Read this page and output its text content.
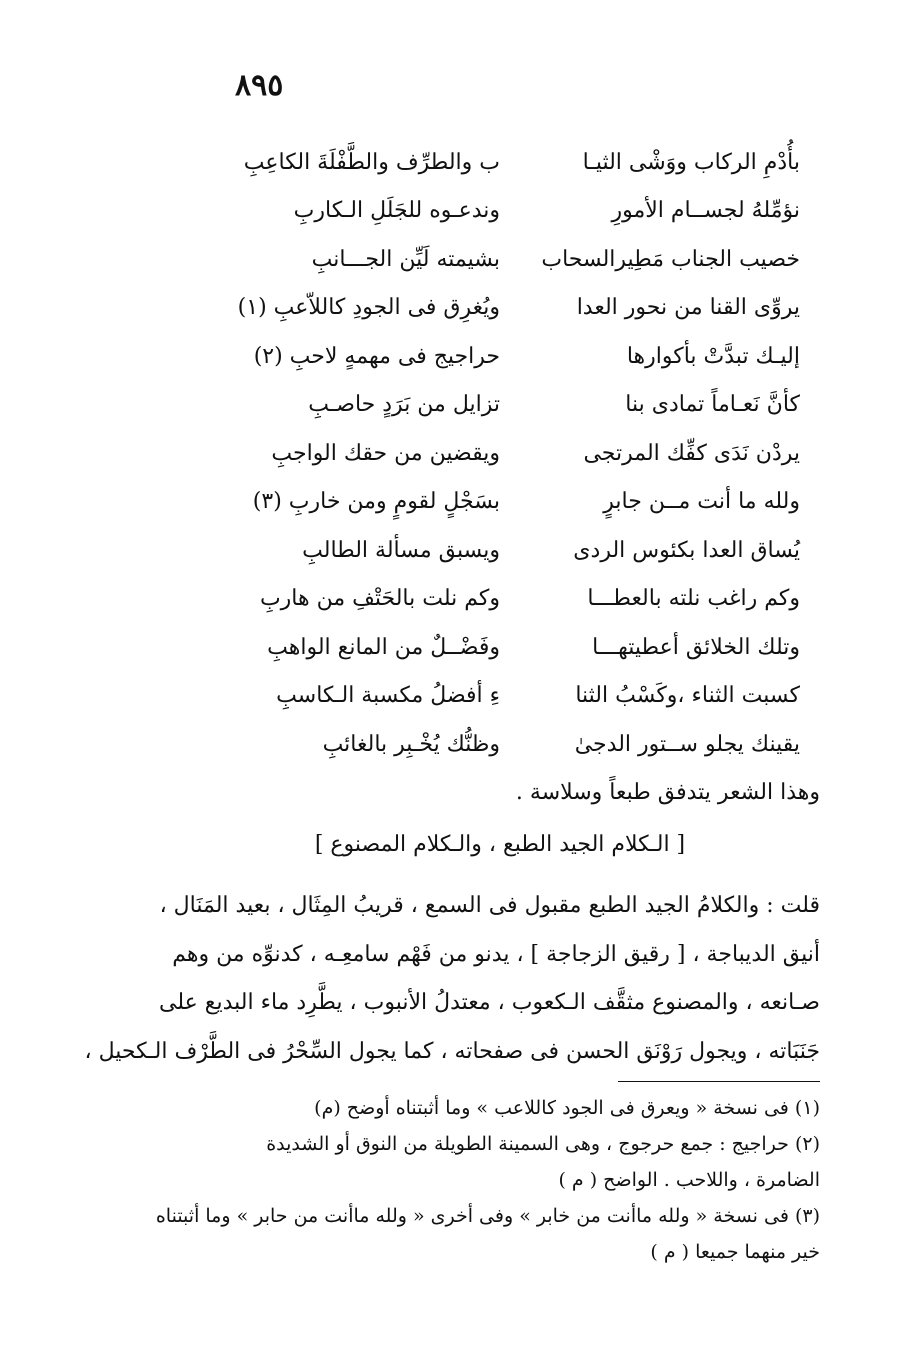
٨٩٥
بأُدْمِ الركاب ووَشْى الثيـا
ب والطرِّف والطَّفْلَةَ الكاعِبِ
نؤمِّلهُ لجســام الأمورِ
وندعـوه للجَلَلِ الـكاربِ
خصيب الجناب مَطِيرالسحاب
بشيمته لَيِّن الجـــانبِ
يروِّى القنا من نحور العدا
ويُغرِق فى الجودِ كاللاّعبِ (١)
إليـك تبدَّتْ بأكوارها
حراجيج فى مهمهٍ لاحبِ (٢)
كأنَّ نَعـاماً تمادى بنا
تزايل من بَرَدٍ حاصـبِ
يردْن نَدَى كفِّك المرتجى
ويقضين من حقك الواجبِ
ولله ما أنت مــن جابرٍ
بسَجْلٍ لقومٍ ومن خاربِ (٣)
يُساق العدا بكئوس الردى
ويسبق مسألة الطالبِ
وكم راغب نلته بالعطـــا
وكم نلت بالحَتْفِ من هاربِ
وتلك الخلائق أعطيتهـــا
وفَضْــلٌ من المانع الواهبِ
كسبت الثناء ،وكَسْبُ الثنا
ءِ أفضلُ مكسبة الـكاسبِ
يقينك يجلو ســتور الدجىٰ
وظنُّك يُخْـبِر بالغائبِ
وهذا الشعر يتدفق طبعاً وسلاسة .
[ الـكلام الجيد الطبع ، والـكلام المصنوع ]
قلت : والكلامُ الجيد الطبع مقبول فى السمع ، قريبُ المِثَال ، بعيد المَنَال ،
أنيق الديباجة ، [ رقيق الزجاجة ] ، يدنو من فَهْم سامعِـه ، كدنوِّه من وهم
صـانعه ، والمصنوع مثقَّف الـكعوب ، معتدلُ الأنبوب ، يطَّرِد ماء البديع على
جَنَبَاته ، ويجول رَوْنَق الحسن فى صفحاته ، كما يجول السِّحْرُ فى الطَّرْف الـكحيل ،
(١) فى نسخة « ويعرق فى الجود كاللاعب » وما أثبتناه أوضح (م)
(٢) حراجيج : جمع حرجوج ، وهى السمينة الطويلة من النوق أو الشديدة
الضامرة ، واللاحب . الواضح ( م )
(٣) فى نسخة « ولله ماأنت من خابر » وفى أخرى « ولله ماأنت من حابر » وما أثبتناه
خير منهما جميعا ( م )
